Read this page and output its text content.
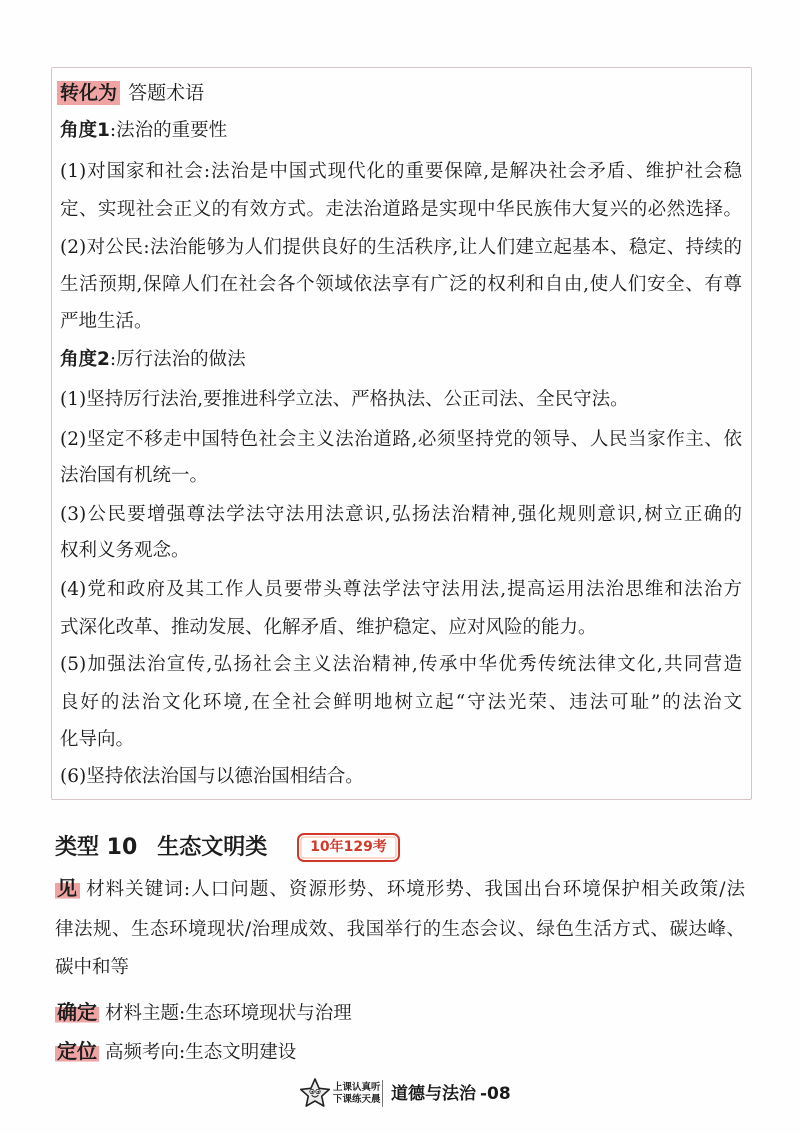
转化为 答题术语
角度1:法治的重要性
(1)对国家和社会:法治是中国式现代化的重要保障,是解决社会矛盾、维护社会稳
定、实现社会正义的有效方式。走法治道路是实现中华民族伟大复兴的必然选择。
(2)对公民:法治能够为人们提供良好的生活秩序,让人们建立起基本、稳定、持续的
生活预期,保障人们在社会各个领域依法享有广泛的权利和自由,使人们安全、有尊
严地生活。
角度2:厉行法治的做法
(1)坚持厉行法治,要推进科学立法、严格执法、公正司法、全民守法。
(2)坚定不移走中国特色社会主义法治道路,必须坚持党的领导、人民当家作主、依
法治国有机统一。
(3)公民要增强尊法学法守法用法意识,弘扬法治精神,强化规则意识,树立正确的
权利义务观念。
(4)党和政府及其工作人员要带头尊法学法守法用法,提高运用法治思维和法治方
式深化改革、推动发展、化解矛盾、维护稳定、应对风险的能力。
(5)加强法治宣传,弘扬社会主义法治精神,传承中华优秀传统法律文化,共同营造
良好的法治文化环境,在全社会鲜明地树立起“守法光荣、违法可耻”的法治文
化导向。
(6)坚持依法治国与以德治国相结合。
类型 10 生态文明类	10年129考
见 材料关键词:人口问题、资源形势、环境形势、我国出台环境保护相关政策/法
律法规、生态环境现状/治理成效、我国举行的生态会议、绿色生活方式、碳达峰、
碳中和等
确定 材料主题:生态环境现状与治理
定位 高频考向:生态文明建设
上课认真听
下课练天晨 道德与法治 -08
